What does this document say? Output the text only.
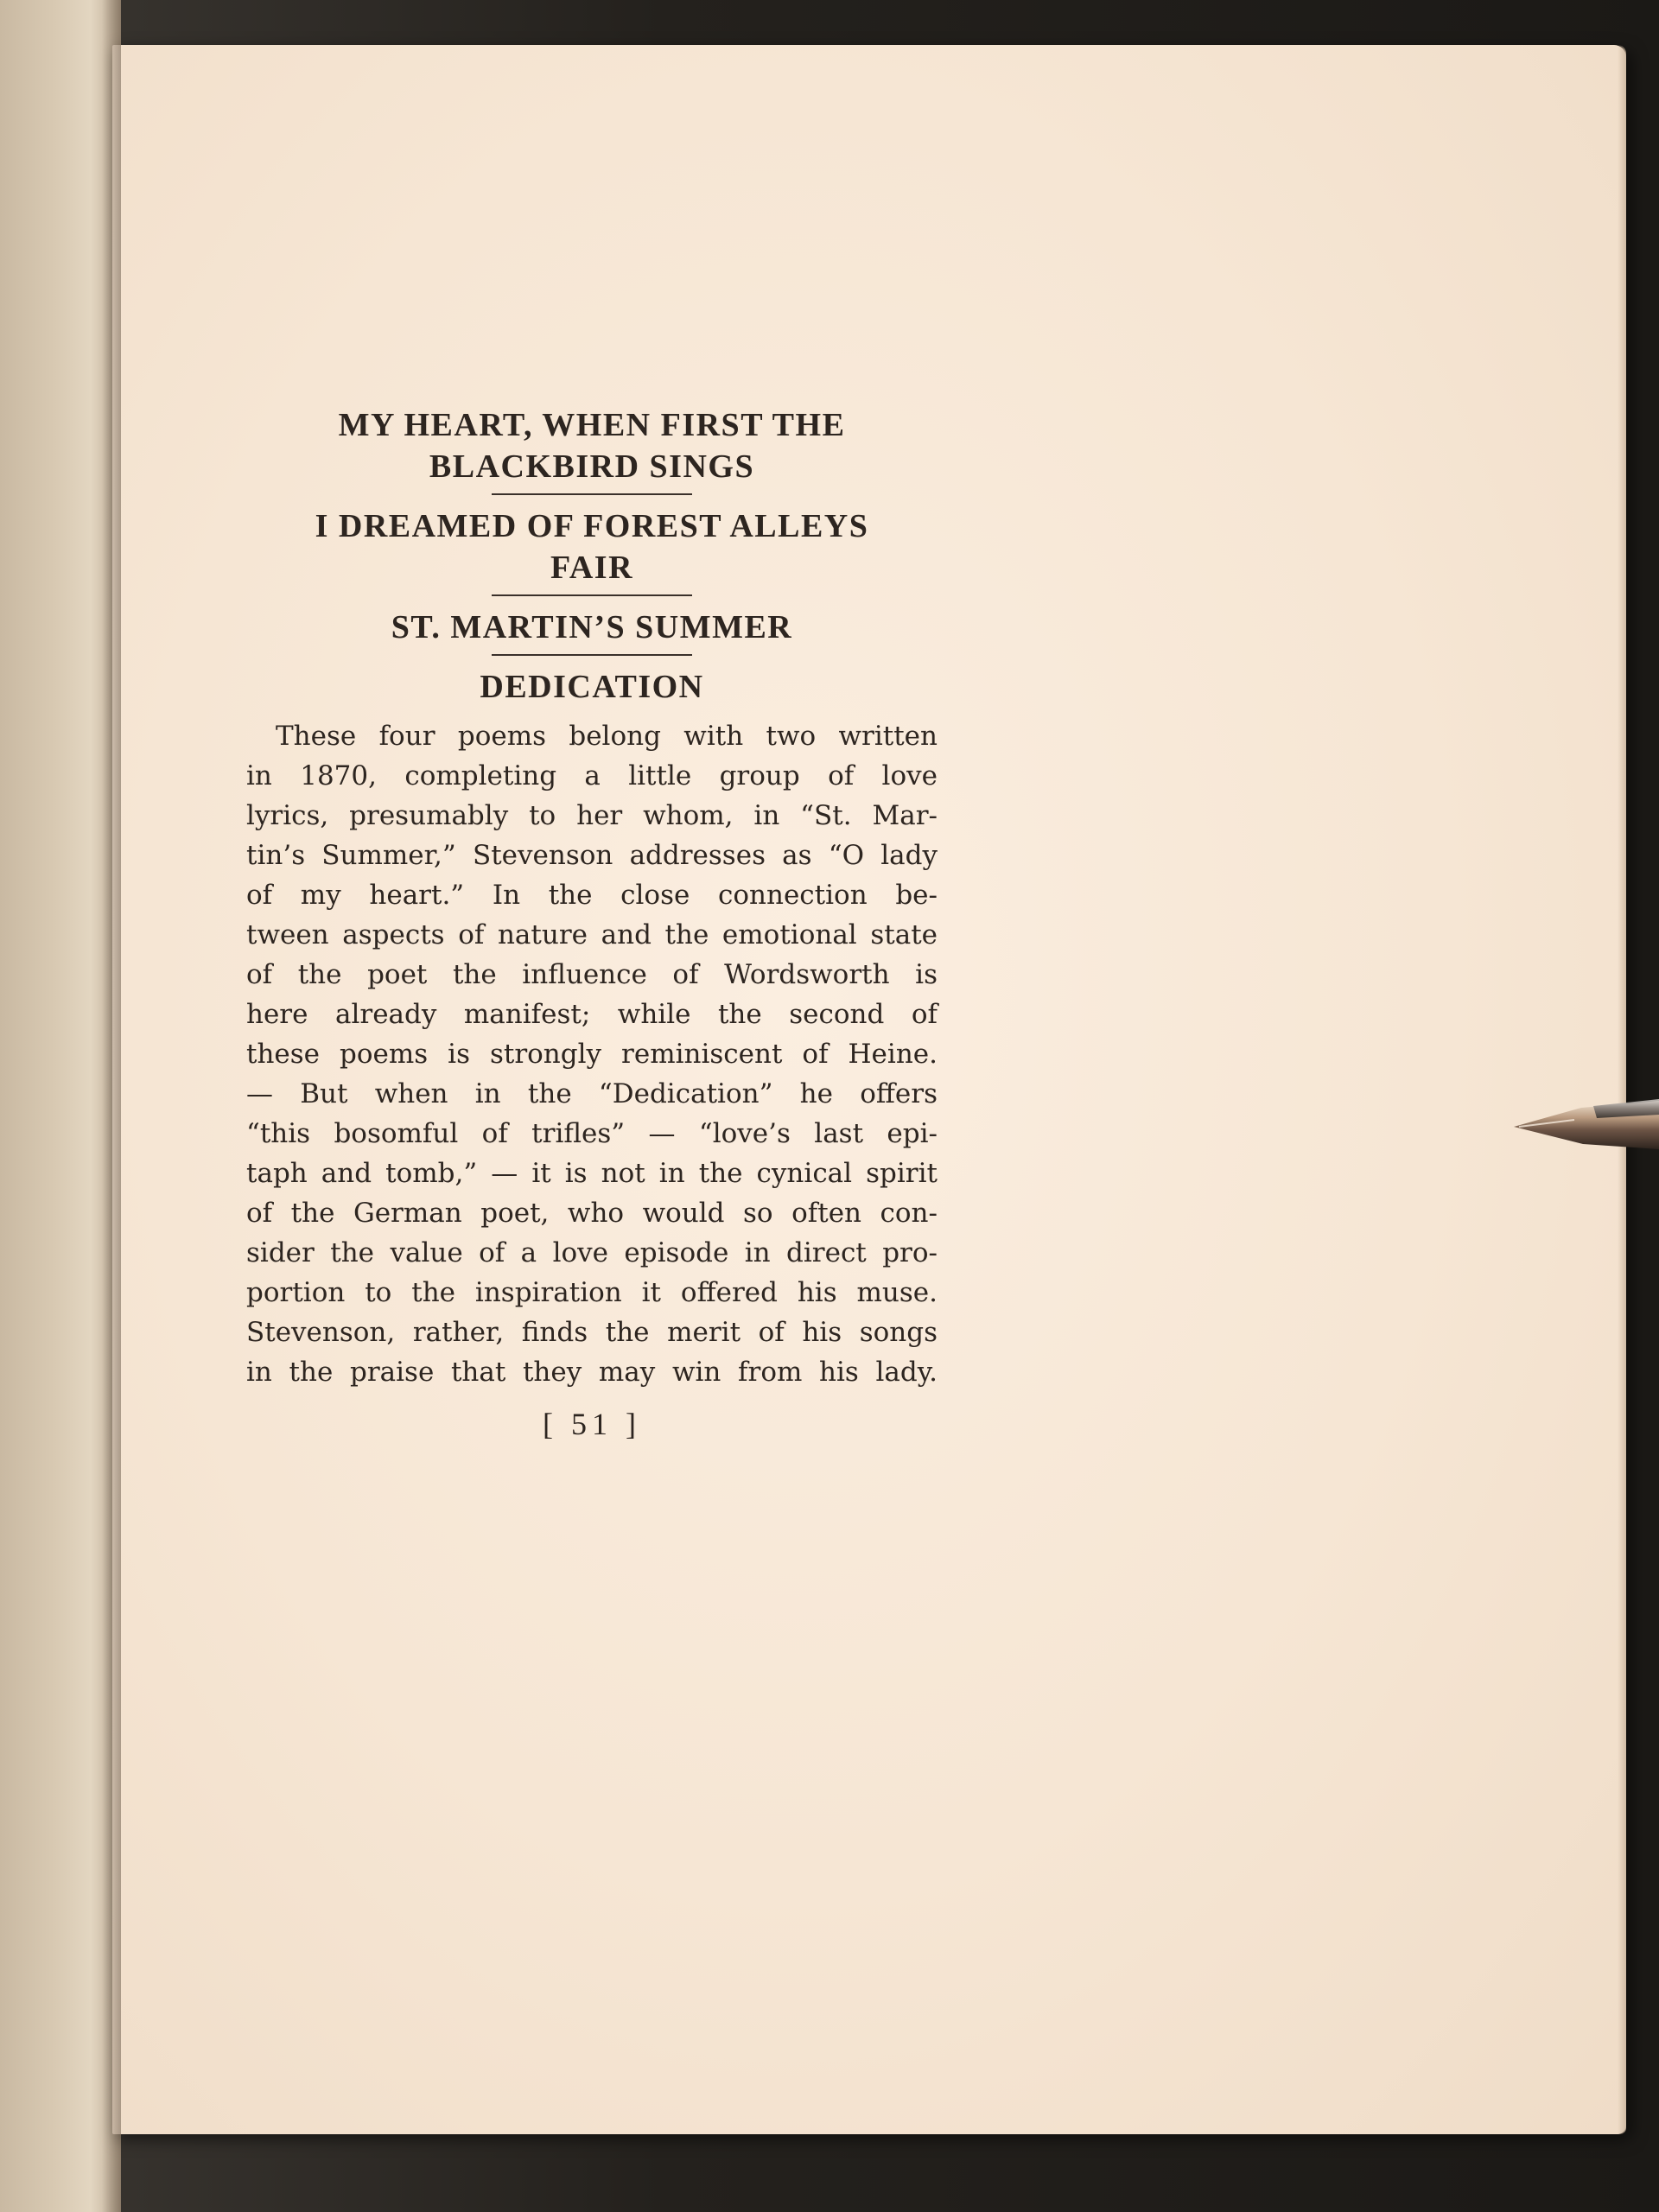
MY HEART, WHEN FIRST THE
BLACKBIRD SINGS
I DREAMED OF FOREST ALLEYS
FAIR
ST. MARTIN’S SUMMER
DEDICATION
These four poems belong with two written
in 1870, completing a little group of love
lyrics, presumably to her whom, in “St. Mar-
tin’s Summer,” Stevenson addresses as “O lady
of my heart.” In the close connection be-
tween aspects of nature and the emotional state
of the poet the influence of Wordsworth is
here already manifest; while the second of
these poems is strongly reminiscent of Heine.
— But when in the “Dedication” he offers
“this bosomful of trifles” — “love’s last epi-
taph and tomb,” — it is not in the cynical spirit
of the German poet, who would so often con-
sider the value of a love episode in direct pro-
portion to the inspiration it offered his muse.
Stevenson, rather, finds the merit of his songs
in the praise that they may win from his lady.
[ 51 ]
